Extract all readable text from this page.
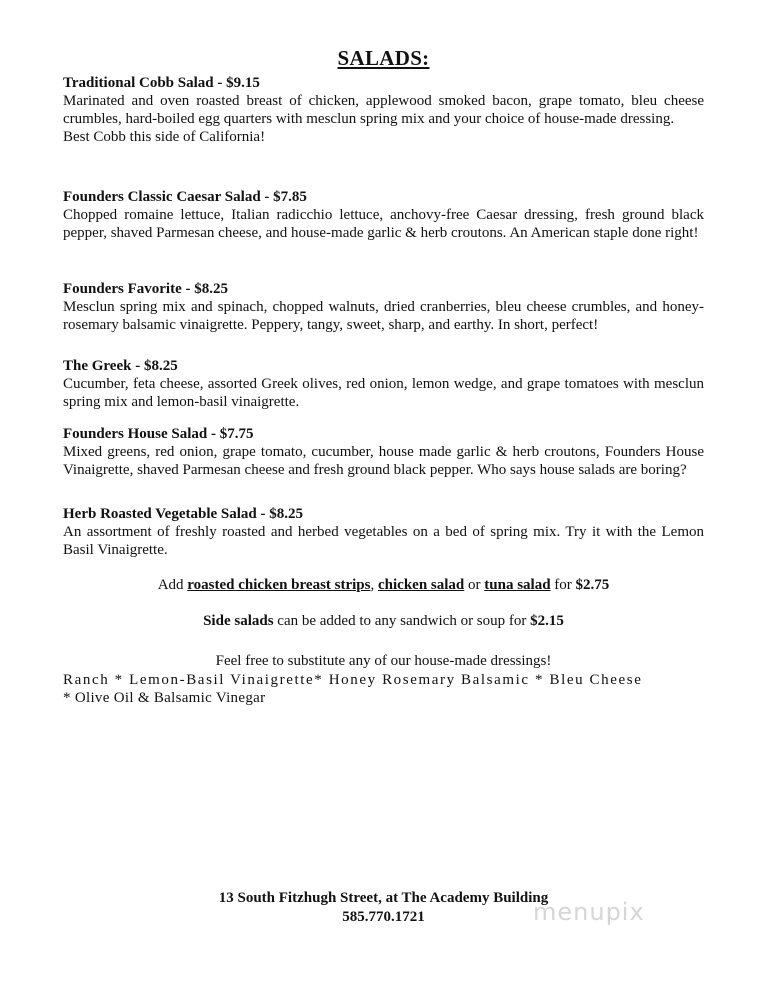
SALADS:
Traditional Cobb Salad - $9.15
Marinated and oven roasted breast of chicken, applewood smoked bacon, grape tomato, bleu cheese crumbles, hard-boiled egg quarters with mesclun spring mix and your choice of house-made dressing.
Best Cobb this side of California!
Founders Classic Caesar Salad - $7.85
Chopped romaine lettuce, Italian radicchio lettuce, anchovy-free Caesar dressing, fresh ground black pepper, shaved Parmesan cheese, and house-made garlic & herb croutons. An American staple done right!
Founders Favorite - $8.25
Mesclun spring mix and spinach, chopped walnuts, dried cranberries, bleu cheese crumbles, and honey-rosemary balsamic vinaigrette. Peppery, tangy, sweet, sharp, and earthy. In short, perfect!
The Greek - $8.25
Cucumber, feta cheese, assorted Greek olives, red onion, lemon wedge, and grape tomatoes with mesclun spring mix and lemon-basil vinaigrette.
Founders House Salad - $7.75
Mixed greens, red onion, grape tomato, cucumber, house made garlic & herb croutons, Founders House Vinaigrette, shaved Parmesan cheese and fresh ground black pepper. Who says house salads are boring?
Herb Roasted Vegetable Salad - $8.25
An assortment of freshly roasted and herbed vegetables on a bed of spring mix. Try it with the Lemon Basil Vinaigrette.
Add roasted chicken breast strips, chicken salad or tuna salad for $2.75
Side salads can be added to any sandwich or soup for $2.15
Feel free to substitute any of our house-made dressings!
Ranch * Lemon-Basil Vinaigrette* Honey Rosemary Balsamic * Bleu Cheese
* Olive Oil & Balsamic Vinegar
13 South Fitzhugh Street, at The Academy Building
585.770.1721	menupix
